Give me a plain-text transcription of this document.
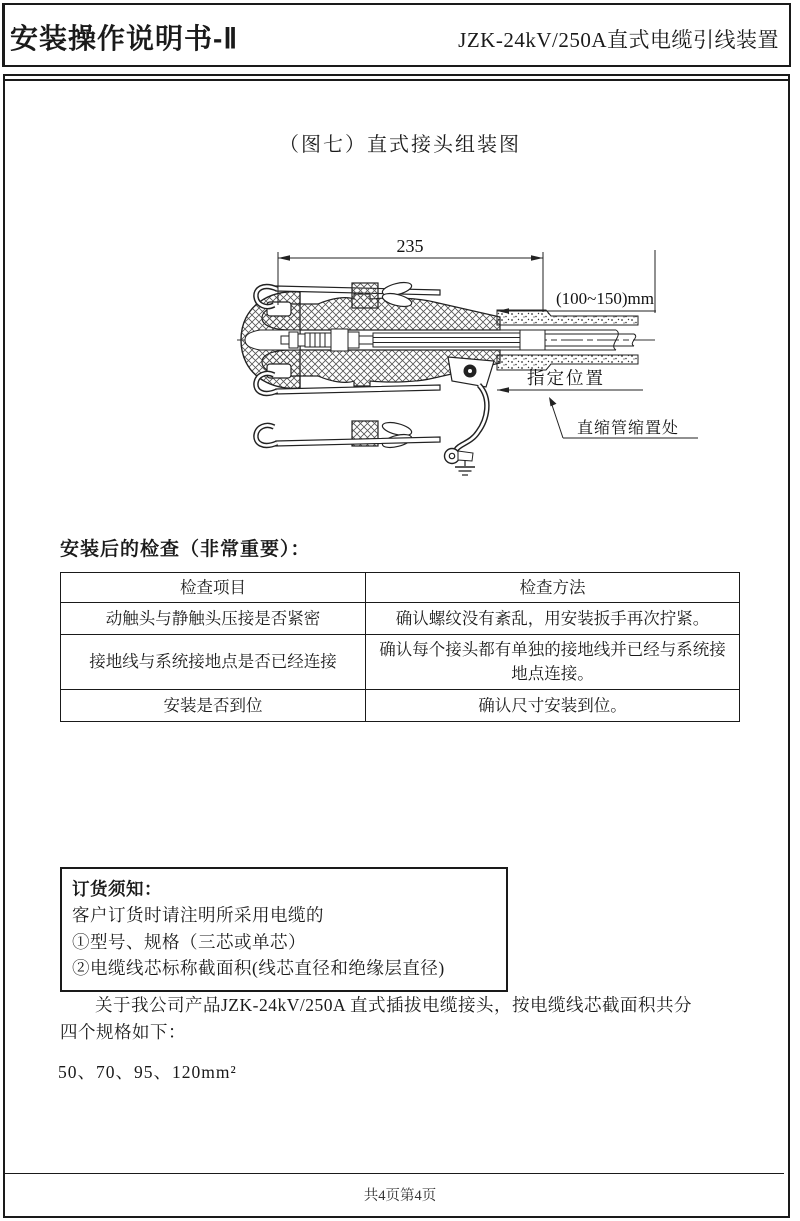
安装操作说明书-Ⅱ	JZK-24kV/250A直式电缆引线装置
（图七）直式接头组装图
235
(100~150)mm
指定位置
直缩管缩置处
安装后的检查（非常重要）：
检查项目	检查方法
动触头与静触头压接是否紧密	确认螺纹没有紊乱，用安装扳手再次拧紧。
接地线与系统接地点是否已经连接	确认每个接头都有单独的接地线并已经与系统接地点连接。
安装是否到位	确认尺寸安装到位。
订货须知：
客户订货时请注明所采用电缆的
①型号、规格（三芯或单芯）
②电缆线芯标称截面积(线芯直径和绝缘层直径)
关于我公司产品JZK-24kV/250A 直式插拔电缆接头，按电缆线芯截面积共分
四个规格如下：
50、70、95、120mm²
共4页第4页
